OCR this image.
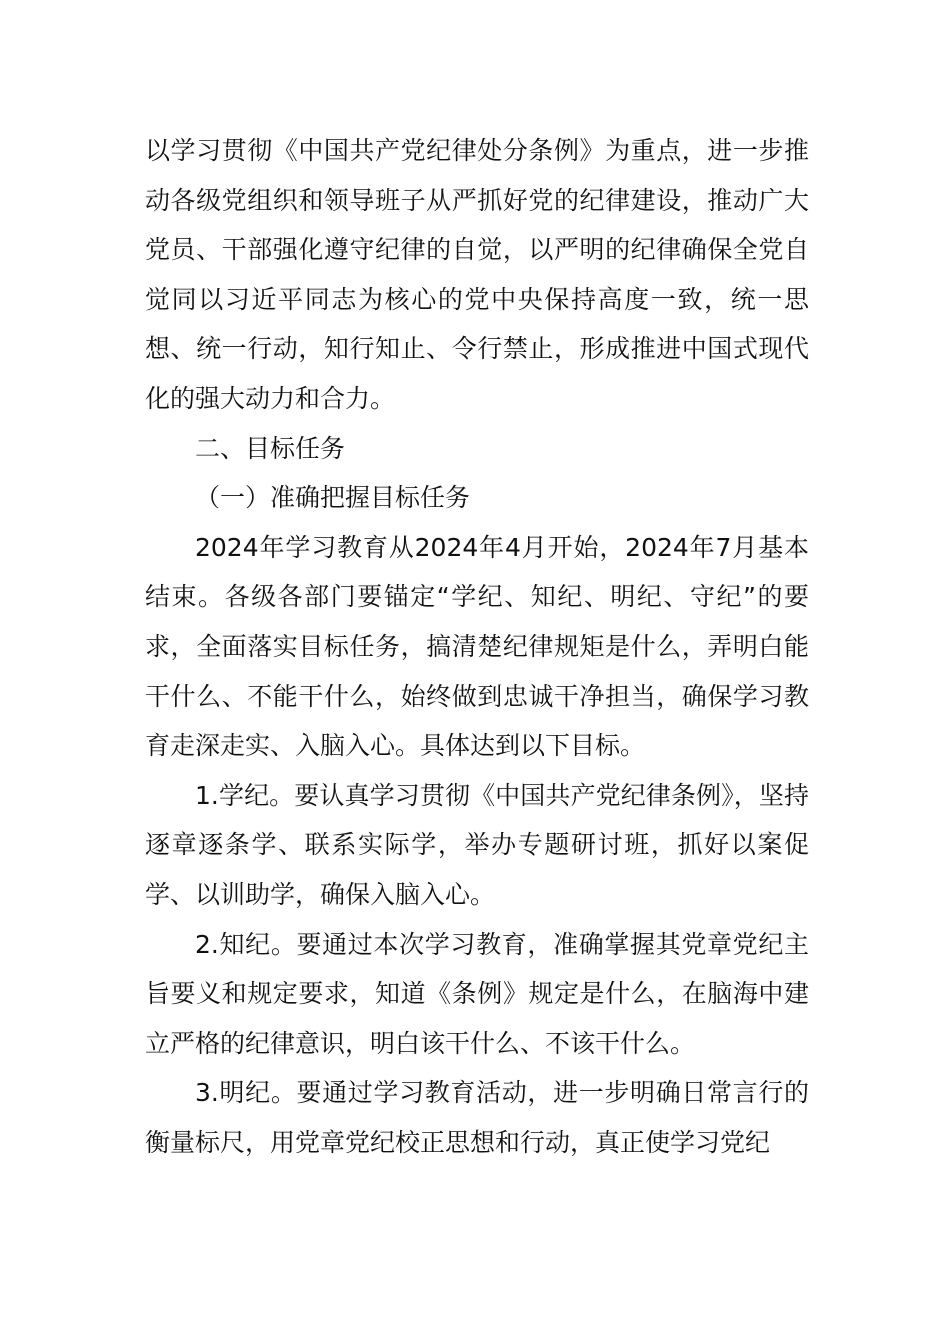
以学习贯彻《中国共产党纪律处分条例》为重点，进一步推动各级党组织和领导班子从严抓好党的纪律建设，推动广大党员、干部强化遵守纪律的自觉，以严明的纪律确保全党自觉同以习近平同志为核心的党中央保持高度一致，统一思想、统一行动，知行知止、令行禁止，形成推进中国式现代化的强大动力和合力。

二、目标任务

（一）准确把握目标任务

2024年学习教育从2024年4月开始，2024年7月基本结束。各级各部门要锚定“学纪、知纪、明纪、守纪”的要求，全面落实目标任务，搞清楚纪律规矩是什么，弄明白能干什么、不能干什么，始终做到忠诚干净担当，确保学习教育走深走实、入脑入心。具体达到以下目标。

1.学纪。要认真学习贯彻《中国共产党纪律条例》，坚持逐章逐条学、联系实际学，举办专题研讨班，抓好以案促学、以训助学，确保入脑入心。

2.知纪。要通过本次学习教育，准确掌握其党章党纪主旨要义和规定要求，知道《条例》规定是什么，在脑海中建立严格的纪律意识，明白该干什么、不该干什么。

3.明纪。要通过学习教育活动，进一步明确日常言行的衡量标尺，用党章党纪校正思想和行动，真正使学习党纪
